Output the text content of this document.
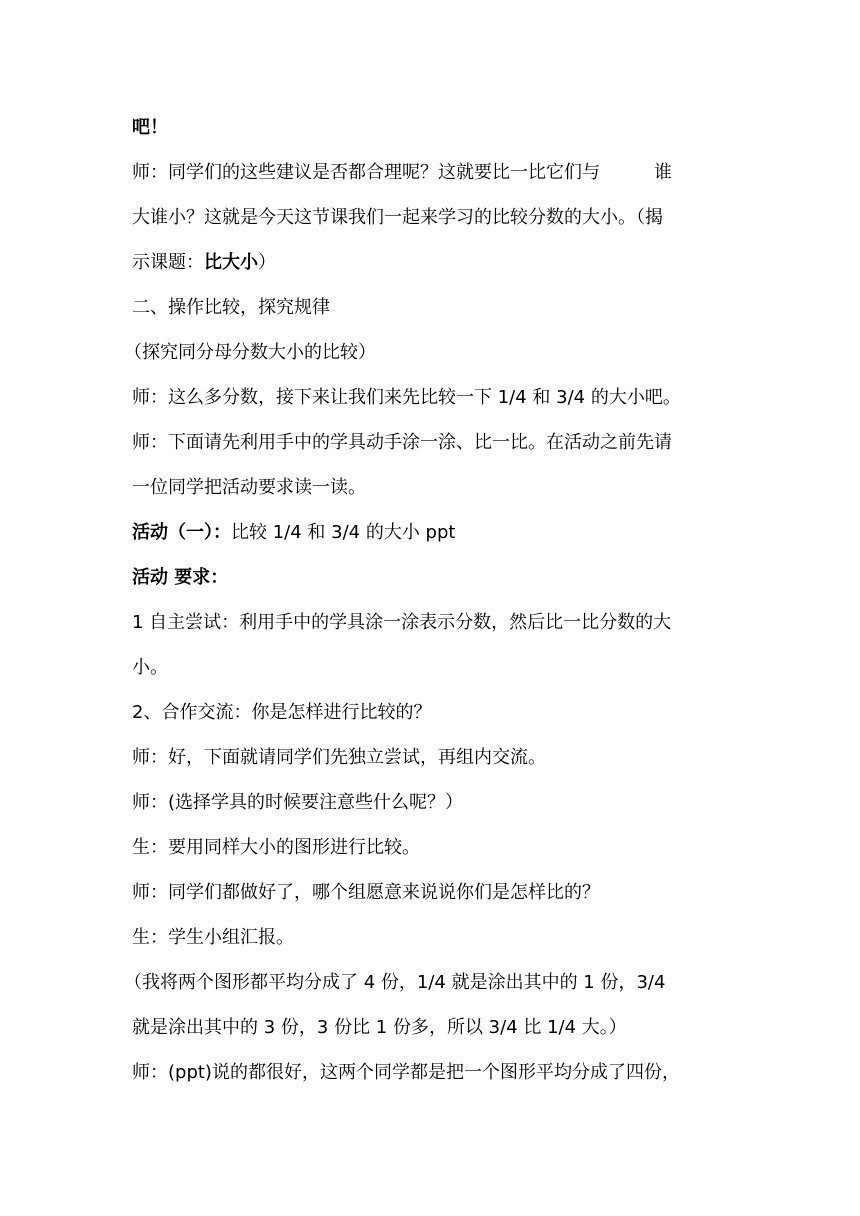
吧！
师：同学们的这些建议是否都合理呢？这就要比一比它们与	谁
大谁小？这就是今天这节课我们一起来学习的比较分数的大小。（揭
示课题：比大小）
二、操作比较，探究规律
（探究同分母分数大小的比较）
师：这么多分数，接下来让我们来先比较一下 1/4 和 3/4 的大小吧。
师：下面请先利用手中的学具动手涂一涂、比一比。在活动之前先请
一位同学把活动要求读一读。
活动（一）：比较 1/4 和 3/4 的大小 ppt
活动 要求：
1 自主尝试：利用手中的学具涂一涂表示分数，然后比一比分数的大
小。
2、合作交流：你是怎样进行比较的？
师：好，下面就请同学们先独立尝试，再组内交流。
师：(选择学具的时候要注意些什么呢？）
生：要用同样大小的图形进行比较。
师：同学们都做好了，哪个组愿意来说说你们是怎样比的？
生：学生小组汇报。
（我将两个图形都平均分成了 4 份，1/4 就是涂出其中的 1 份，3/4
就是涂出其中的 3 份，3 份比 1 份多，所以 3/4 比 1/4 大。）
师：(ppt)说的都很好，这两个同学都是把一个图形平均分成了四份，
